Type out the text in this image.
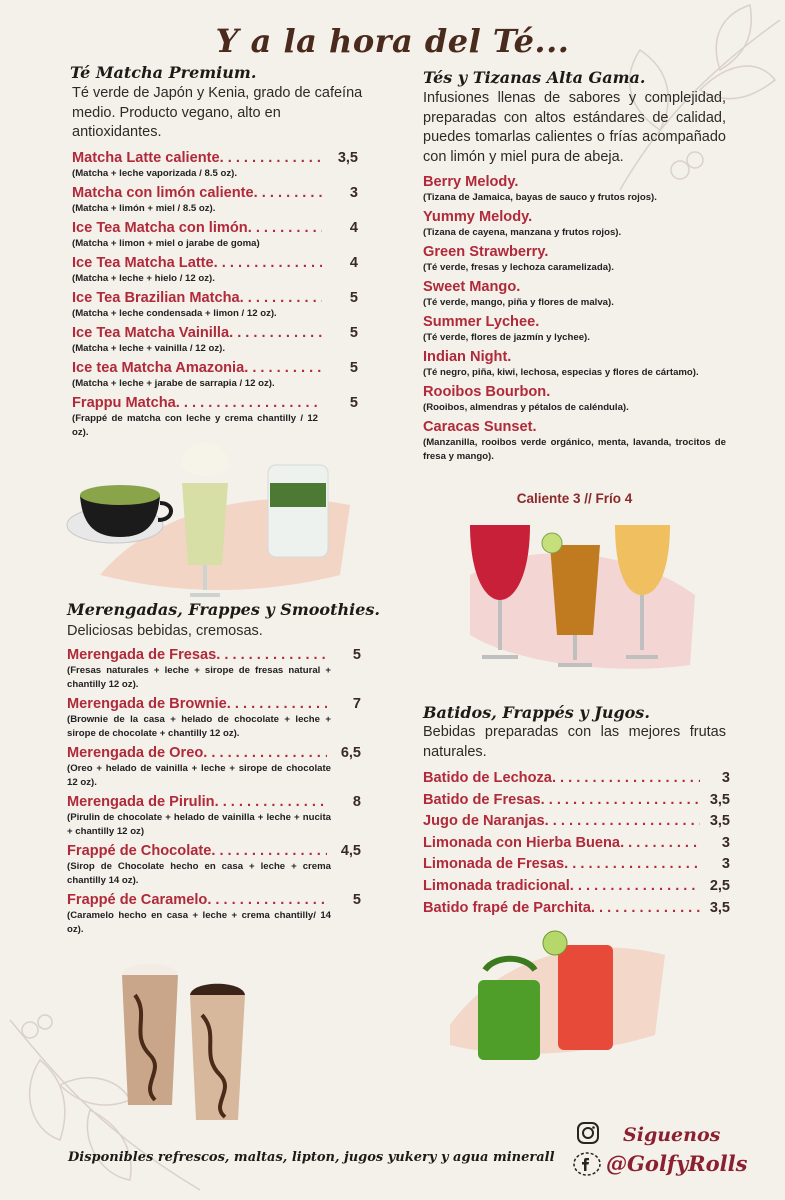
Y a la hora del Té...
Té Matcha Premium.
Té verde de Japón y Kenia, grado de cafeína medio. Producto vegano, alto en antioxidantes.
Matcha Latte caliente . . .	3,5
(Matcha + leche vaporizada / 8.5 oz).
Matcha con limón caliente . . .	3
(Matcha + limón + miel / 8.5 oz).
Ice Tea Matcha con limón . . .	4
(Matcha + limon + miel o jarabe de goma)
Ice Tea Matcha Latte . . .	4
(Matcha + leche + hielo / 12 oz).
Ice Tea Brazilian Matcha . . .	5
(Matcha + leche condensada + limon / 12 oz).
Ice Tea Matcha Vainilla . . .	5
(Matcha + leche + vainilla / 12 oz).
Ice tea Matcha Amazonia . . .	5
(Matcha + leche + jarabe de sarrapia / 12 oz).
Frappu Matcha . . .	5
(Frappé de matcha con leche y crema chantilly / 12 oz).
Tés y Tizanas Alta Gama.
Infusiones llenas de sabores y complejidad, preparadas con altos estándares de calidad, puedes tomarlas calientes o frías acompañado con limón y miel pura de abeja.
Berry Melody.
(Tizana de Jamaica, bayas de sauco y frutos rojos).
Yummy Melody.
(Tizana de cayena, manzana y frutos rojos).
Green Strawberry.
(Té verde, fresas y lechoza caramelizada).
Sweet Mango.
(Té verde, mango, piña y flores de malva).
Summer Lychee.
(Té verde, flores de jazmín y lychee).
Indian Night.
(Té negro, piña, kiwi, lechosa, especias y flores de cártamo).
Rooibos Bourbon.
(Rooibos, almendras y pétalos de caléndula).
Caracas Sunset.
(Manzanilla, rooibos verde orgánico, menta, lavanda, trocitos de fresa y mango).
Caliente 3 // Frío 4
Merengadas, Frappes y Smoothies.
Deliciosas bebidas, cremosas.
Merengada de Fresas . . .	5
(Fresas naturales + leche + sirope de fresas natural + chantilly 12 oz).
Merengada de Brownie . . .	7
(Brownie de la casa + helado de chocolate + leche + sirope de chocolate + chantilly 12 oz).
Merengada de Oreo . . .	6,5
(Oreo + helado de vainilla + leche + sirope de chocolate 12 oz).
Merengada de Pirulin . . .	8
(Pirulin de chocolate + helado de vainilla + leche + nucita + chantilly 12 oz)
Frappé de Chocolate . . .	4,5
(Sirop de Chocolate hecho en casa + leche + crema chantilly 14 oz).
Frappé de Caramelo . . .	5
(Caramelo hecho en casa + leche + crema chantilly/ 14 oz).
Batidos, Frappés y Jugos.
Bebidas preparadas con las mejores frutas naturales.
Batido de Lechoza . . .	3
Batido de Fresas . . .	3,5
Jugo de Naranjas . . .	3,5
Limonada con Hierba Buena . . .	3
Limonada de Fresas . . .	3
Limonada tradicional . . .	2,5
Batido frapé de Parchita . . .	3,5
Disponibles refrescos, maltas, lipton, jugos yukery y agua minerall
Siguenos
@GolfyRolls
